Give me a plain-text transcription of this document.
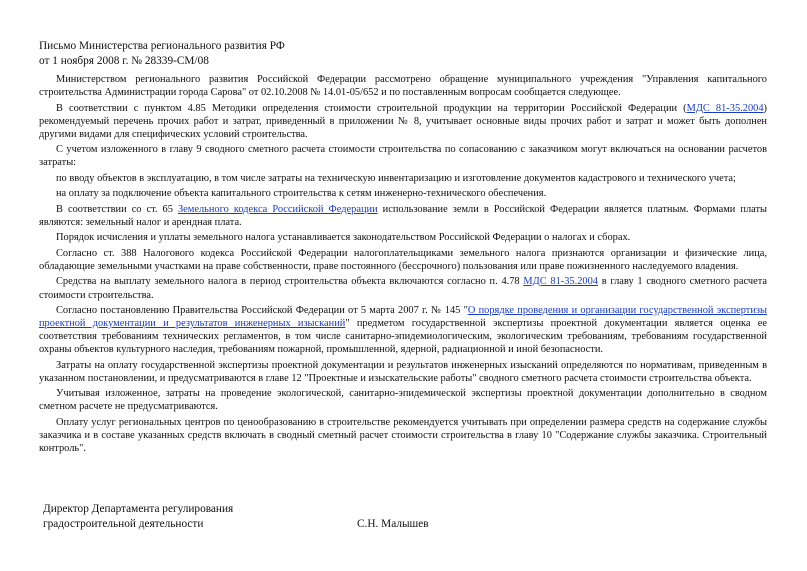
Письмо Министерства регионального развития РФ
от 1 ноября 2008 г. № 28339-СМ/08

Министерством регионального развития Российской Федерации рассмотрено обращение муниципального учреждения "Управления капитального строительства Администрации города Сарова" от 02.10.2008 № 14.01-05/652 и по поставленным вопросам сообщается следующее.

В соответствии с пунктом 4.85 Методики определения стоимости строительной продукции на территории Российской Федерации (МДС 81-35.2004) рекомендуемый перечень прочих работ и затрат, приведенный в приложении № 8, учитывает основные виды прочих работ и затрат и может быть дополнен другими видами для специфических условий строительства.

С учетом изложенного в главу 9 сводного сметного расчета стоимости строительства по сопасованию с заказчиком могут включаться на основании расчетов затраты:

по вводу объектов в эксплуатацию, в том числе затраты на техническую инвентаризацию и изготовление документов кадастрового и технического учета;

на оплату за подключение объекта капитального строительства к сетям инженерно-технического обеспечения.

В соответствии со ст. 65 Земельного кодекса Российской Федерации использование земли в Российской Федерации является платным. Формами платы являются: земельный налог и арендная плата.

Порядок исчисления и уплаты земельного налога устанавливается законодательством Российской Федерации о налогах и сборах.

Согласно ст. 388 Налогового кодекса Российской Федерации налогоплательщиками земельного налога признаются организации и физические лица, обладающие земельными участками на праве собственности, праве постоянного (бессрочного) пользования или праве пожизненного наследуемого владения.

Средства на выплату земельного налога в период строительства объекта включаются согласно п. 4.78 МДС 81-35.2004 в главу 1 сводного сметного расчета стоимости строительства.

Согласно постановлению Правительства Российской Федерации от 5 марта 2007 г. № 145 "О порядке проведения и организации государственной экспертизы проектной документации и результатов инженерных изысканий" предметом государственной экспертизы проектной документации является оценка ее соответствия требованиям технических регламентов, в том числе санитарно-эпидемиологическим, экологическим требованиям, требованиям государственной охраны объектов культурного наследия, требованиям пожарной, промышленной, ядерной, радиационной и иной безопасности.

Затраты на оплату государственной экспертизы проектной документации и результатов инженерных изысканий определяются по нормативам, приведенным в указанном постановлении, и предусматриваются в главе 12 "Проектные и изыскательские работы" сводного сметного расчета стоимости строительства объекта.

Учитывая изложенное, затраты на проведение экологической, санитарно-эпидемической экспертизы проектной документации дополнительно в сводном сметном расчете не предусматриваются.

Оплату услуг региональных центров по ценообразованию в строительстве рекомендуется учитывать при определении размера средств на содержание службы заказчика и в составе указанных средств включать в сводный сметный расчет стоимости строительства в главу 10 "Содержание службы заказчика. Строительный контроль".

Директор Департамента регулирования
градостроительной деятельности	С.Н. Малышев
